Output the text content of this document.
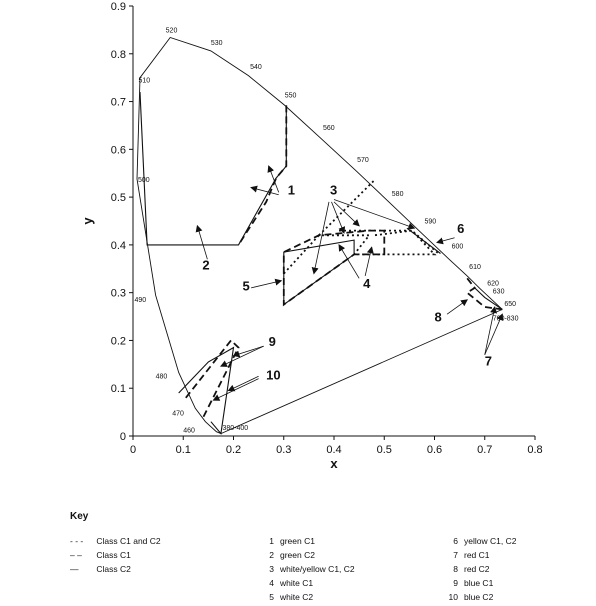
0	0.1	0.2	0.3	0.4	0.5	0.6	0.7	0.8
0
0.1
0.2
0.3
0.4
0.5
0.6
0.7
0.8
0.9
520
530
540
550
560
570
580
590
600
610
620
630
650
700-830
510
500
490
480
470
460	380-400
1
2
3
4
5
6
7
8
9
10
x
y
Key
- - - Class C1 and C2
– – Class C1
— Class C2
1 green C1
2 green C2
3 white/yellow C1, C2
4 white C1
5 white C2
6 yellow C1, C2
7 red C1
8 red C2
9 blue C1
10 blue C2
